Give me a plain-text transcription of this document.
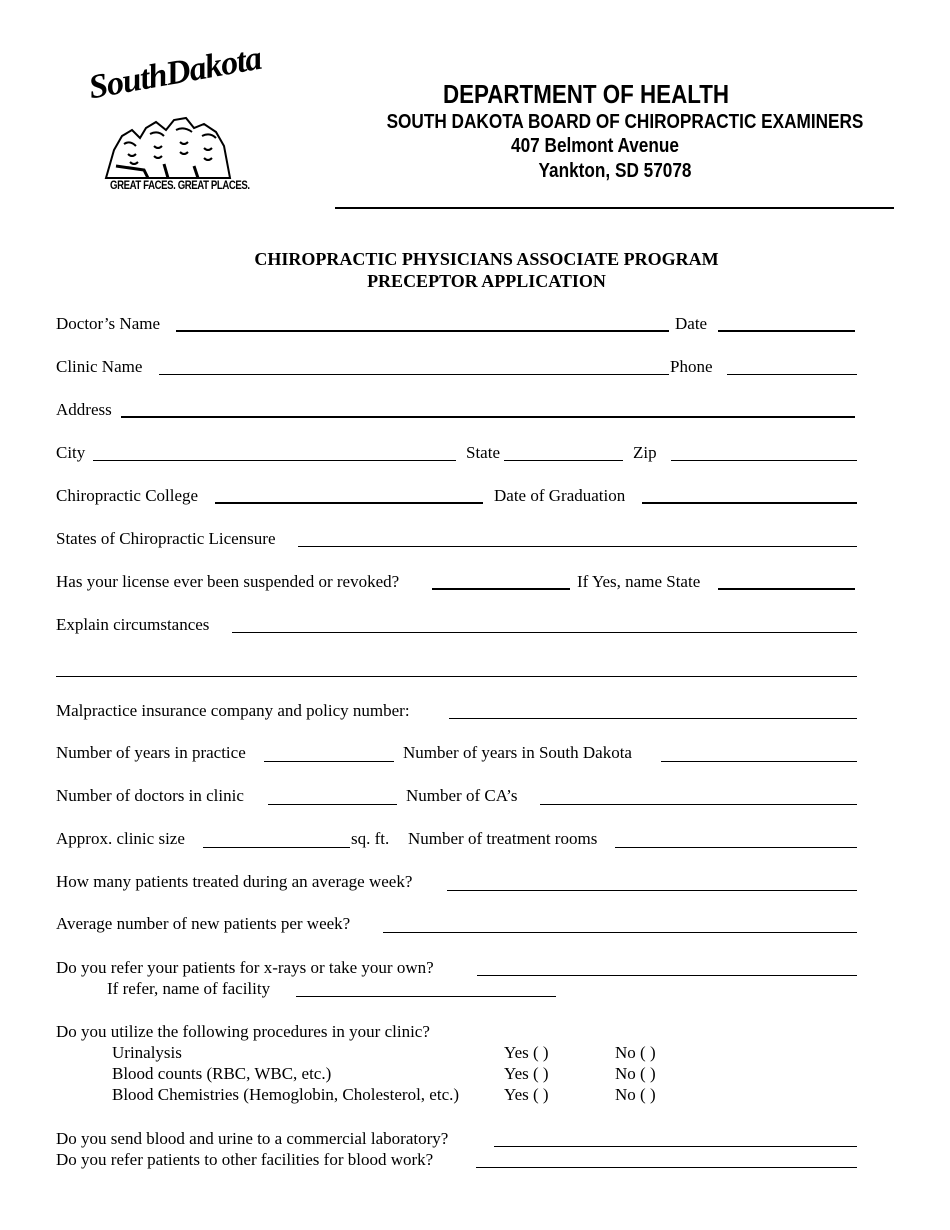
SouthDakota
GREAT FACES. GREAT PLACES.
DEPARTMENT OF HEALTH
SOUTH DAKOTA BOARD OF CHIROPRACTIC EXAMINERS
407 Belmont Avenue
Yankton, SD 57078
CHIROPRACTIC PHYSICIANS ASSOCIATE PROGRAM
PRECEPTOR APPLICATION
Doctor’s Name	Date
Clinic Name	Phone
Address
City	State	Zip
Chiropractic College	Date of Graduation
States of Chiropractic Licensure
Has your license ever been suspended or revoked?	If Yes, name State
Explain circumstances
Malpractice insurance company and policy number:
Number of years in practice	Number of years in South Dakota
Number of doctors in clinic	Number of CA’s
Approx. clinic size	sq. ft. Number of treatment rooms
How many patients treated during an average week?
Average number of new patients per week?
Do you refer your patients for x-rays or take your own?
If refer, name of facility
Do you utilize the following procedures in your clinic?
Urinalysis	Yes ( )	No ( )
Blood counts (RBC, WBC, etc.)	Yes ( )	No ( )
Blood Chemistries (Hemoglobin, Cholesterol, etc.)	Yes ( )	No ( )
Do you send blood and urine to a commercial laboratory?
Do you refer patients to other facilities for blood work?
